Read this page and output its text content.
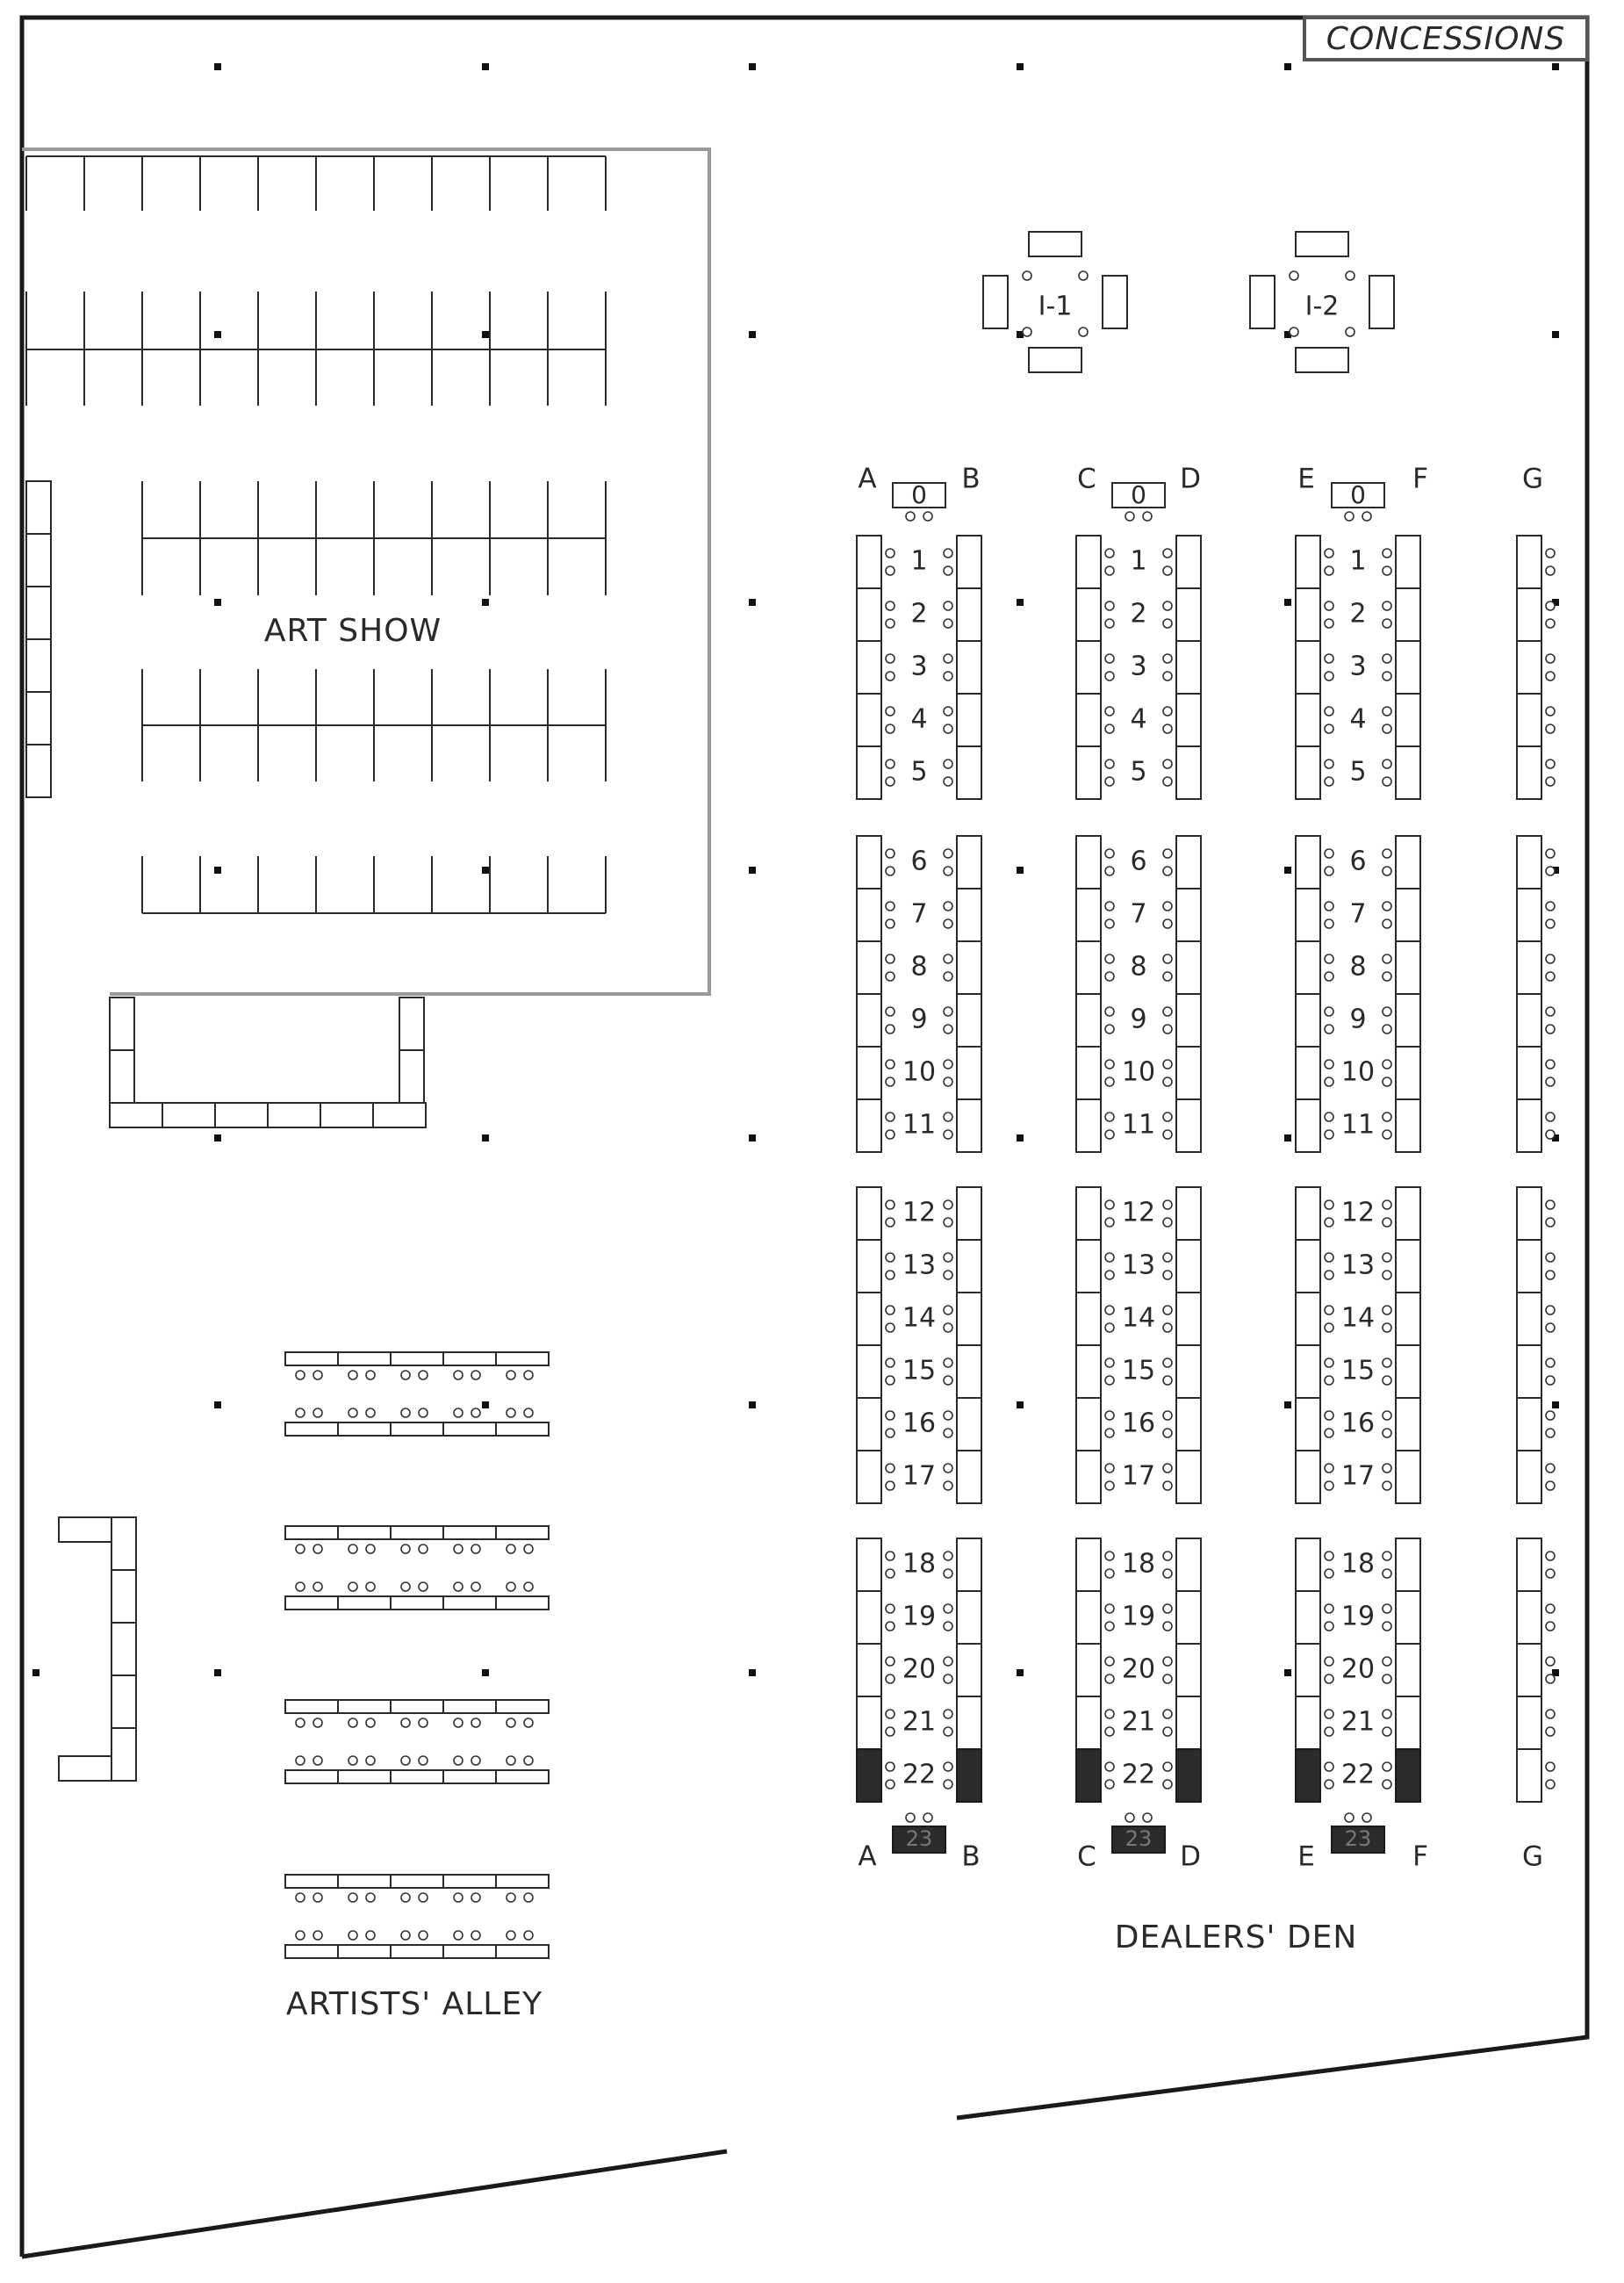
CONCESSIONS
ART SHOW
ARTISTS' ALLEY
I-1	I-2
1
2
3
4
5
6
7
8
9
10
11
12
13
14
15
16
17
18
19
20
21
22
1
2
3
4
5
6
7
8
9
10
11
12
13
14
15
16
17
18
19
20
21
22
1
2
3
4
5
6
7
8
9
10
11
12
13
14
15
16
17
18
19
20
21
22
0
23
0
23
0
23
A	B	C	D	E	F	G
A	B	C	D	E	F	G
DEALERS' DEN
